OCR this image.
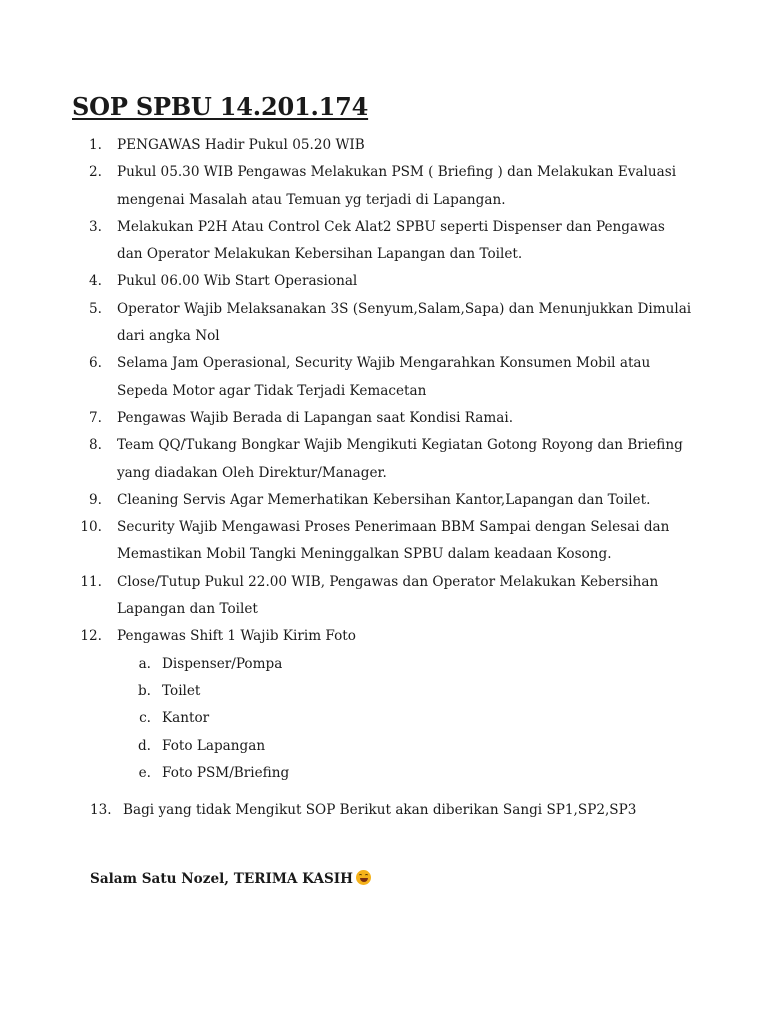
SOP SPBU 14.201.174
1. PENGAWAS Hadir Pukul 05.20 WIB
2. Pukul 05.30 WIB Pengawas Melakukan PSM ( Briefing ) dan Melakukan Evaluasi mengenai Masalah atau Temuan yg terjadi di Lapangan.
3. Melakukan P2H Atau Control Cek Alat2 SPBU seperti Dispenser dan Pengawas dan Operator Melakukan Kebersihan Lapangan dan Toilet.
4. Pukul 06.00 Wib Start Operasional
5. Operator Wajib Melaksanakan 3S (Senyum,Salam,Sapa) dan Menunjukkan Dimulai dari angka Nol
6. Selama Jam Operasional, Security Wajib Mengarahkan Konsumen Mobil atau Sepeda Motor agar Tidak Terjadi Kemacetan
7. Pengawas Wajib Berada di Lapangan saat Kondisi Ramai.
8. Team QQ/Tukang Bongkar Wajib Mengikuti Kegiatan Gotong Royong dan Briefing yang diadakan Oleh Direktur/Manager.
9. Cleaning Servis Agar Memerhatikan Kebersihan Kantor,Lapangan dan Toilet.
10. Security Wajib Mengawasi Proses Penerimaan BBM Sampai dengan Selesai dan Memastikan Mobil Tangki Meninggalkan SPBU dalam keadaan Kosong.
11. Close/Tutup Pukul 22.00 WIB, Pengawas dan Operator Melakukan Kebersihan Lapangan dan Toilet
12. Pengawas Shift 1 Wajib Kirim Foto
a. Dispenser/Pompa
b. Toilet
c. Kantor
d. Foto Lapangan
e. Foto PSM/Briefing
13. Bagi yang tidak Mengikut SOP Berikut akan diberikan Sangi SP1,SP2,SP3
Salam Satu Nozel, TERIMA KASIH
